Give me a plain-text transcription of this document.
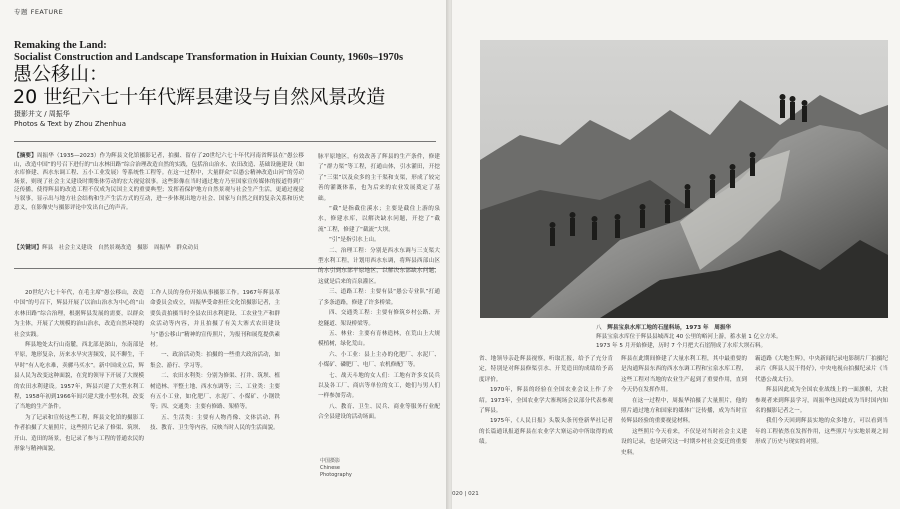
专题 FEATURE
Remaking the Land:
Socialist Construction and Landscape Transformation in Huixian County, 1960s–1970s
愚公移山：
20 世纪六七十年代辉县建设与自然风景改造
摄影并文 / 周振华
Photos & Text by Zhou Zhenhua
【摘要】周振华（1935—2023）作为辉县文化馆摄影记者，拍摄、留存了20世纪六七十年代河南省辉县在“愚公移山，改造中国”的号召下进行的“山水林田路”综合治理改造自然的实践，包括治山治水、农田改造、基础设施建设（如水库修建、西水东调工程、五小工业发展）等系统性工程等。在这一过程中，大量群众“以愚公精神改造山河”的劳动场景，则现了社会主义建设时期集体劳动的宏大视觉叙事。这些影像在当时通过地方乃至国家宣传媒体的报道得到广泛传播，使得辉县的改造工程不仅成为民国主义的重要典型；发挥着保护地方自然景观与社会生产生活，更通过视觉与叙事，显示出与地方社会结构和生产生活方式的互动，进一步体现出地方社会、国家与自然之间的复杂关系和历史意义，在影像史与摄影评论中发出自己的声音。
【关键词】辉县　社会主义建设　自然景观改造　摄影　周振华　群众动员

20世纪六七十年代，在毛主席“愚公移山，改造中国”的号召下，辉县开展了以治山治水为中心的“山水林田路”综合治理，根据辉县发展的需要，以群众为主体，开展了大规模的治山治水，改造自然环境的社会实践。

辉县地处太行山南麓，西北部是深山，东南部是平原，地形复杂，历来水旱灾害频发，民不聊生，干旱时“有人吃水难，卖骡马买水”。新中国成立后，辉县人民为改变这种面貌，在党的领导下开展了大规模的农田水利建设。1957年，辉县兴建了大型水利工程，1958年初到1966年间兴建大批小型水利，改变了当地的生产条件。

为了记录和宣传这些工程，辉县文化馆的摄影工作者拍摄了大量照片，这些照片记录了修渠、筑坝、开山、造田的场景，也记录了参与工程的普通农民的形象与精神面貌。

工作人员的身份开始从事摄影工作。1967年辉县革命委员会成立，周振华受命担任文化馆摄影记者，主要负责拍摄当时全县农田水利建设、工农业生产和群众活动等内容，并且拍摄了有关大寨式农田建设与“愚公移山”精神的宣传照片，为报刊和展览提供素材。

一、政治活动类：拍摄的一些重大政治活动，如集会、游行、学习等。

二、农田水利类：分别为修渠、打井、筑坝、植树造林、平整土地、西水东调等；三、工业类：主要有五小工业，如化肥厂、水泥厂、小煤矿、小钢铁等；四、交通类：主要有修路、架桥等。

五、生活类：主要有人物肖像、文体活动、科技、教育、卫生等内容，反映当时人民的生活面貌。

脉平原地区，有效改善了辉县的生产条件，修建了“群力渠”等工程，打通山体，引水灌田，开挖了“三渠”以及众多的主干渠和支渠，形成了较完善的灌溉体系，也为后来的农业发展奠定了基础。

“截”是指截住溪水；主要是截住上游的泉水，修建水库，以解决缺水问题，开挖了“截流”工程，修建了“截流”大坝。

“引”是指引水上山。

二、治理工程：分别是西水东调与三支渠大型水利工程，计划用西水东调，将辉县西部山区的水引到东部平原地区，以解决东部缺水问题，这就是后来的百泉灌区。

三、道路工程：主要有县“愚公专业队”打通了多条道路，修建了许多桥梁。

四、交通类工程：主要有修筑乡村公路、开挖隧道、架设桥梁等。

五、林业：主要有育林造林，在荒山上大规模植树，绿化荒山。

六、小工业：县上主办的化肥厂、水泥厂、小煤矿、磷肥厂、电厂、农机修配厂等。

七、战天斗地的女人们：工地有许多女民兵以及各工厂、商店等单位的女工，她们与男人们一样参加劳动。

八、教育、卫生、民兵、商业等服务行业配合全县建设的活动场面。

中国摄影
Chinese
Photography
八　 辉县宝泉水库工地的石崖料场，1973 年　周振华
辉县宝泉水库位于辉县县城西北 40 公里的峪河上游，蓄水量 1 亿立方米。
1973 年 5 月开始修建，历时 7 个月把大石崖削成了水库大坝石料。

省、地领导亲赴辉县视察，听取汇报，给予了充分肯定，特别是对辉县修渠引水、开荒造田的成绩给予高度评价。

1970年，辉县的经验在全国农业会议上作了介绍。1973年，全国农业学大寨现场会议部分代表参观了辉县。

1975年，《人民日报》头版头条刊登新华社记者的长篇通讯报道辉县在农业学大寨运动中所取得的成绩。

辉县在此期间修建了大量水利工程，其中最重要的是沟通辉县东西的西水东调工程和宝泉水库工程，这些工程对当地的农业生产起到了重要作用，直到今天仍在发挥作用。

在这一过程中，周振华拍摄了大量照片，他的照片通过地方和国家的媒体广泛传播，成为当时宣传辉县经验的重要视觉材料。

这些照片今天看来，不仅是对当时社会主义建设的记录，也是研究这一时期乡村社会变迁的重要史料。

霸道路《大地生辉》，中央新闻纪录电影制片厂拍摄纪录片《辉县人民干得好》，中央电视台拍摄纪录片《当代愚公战太行》。

辉县因此成为全国农业战线上的一面旗帜，大批参观者来到辉县学习，周振华也因此成为当时国内知名的摄影记者之一。

我们今天回到辉县实地的众多地方，可以看到当年的工程依然在发挥作用，这些照片与实地景观之间形成了历史与现实的对照。

020 | 021
